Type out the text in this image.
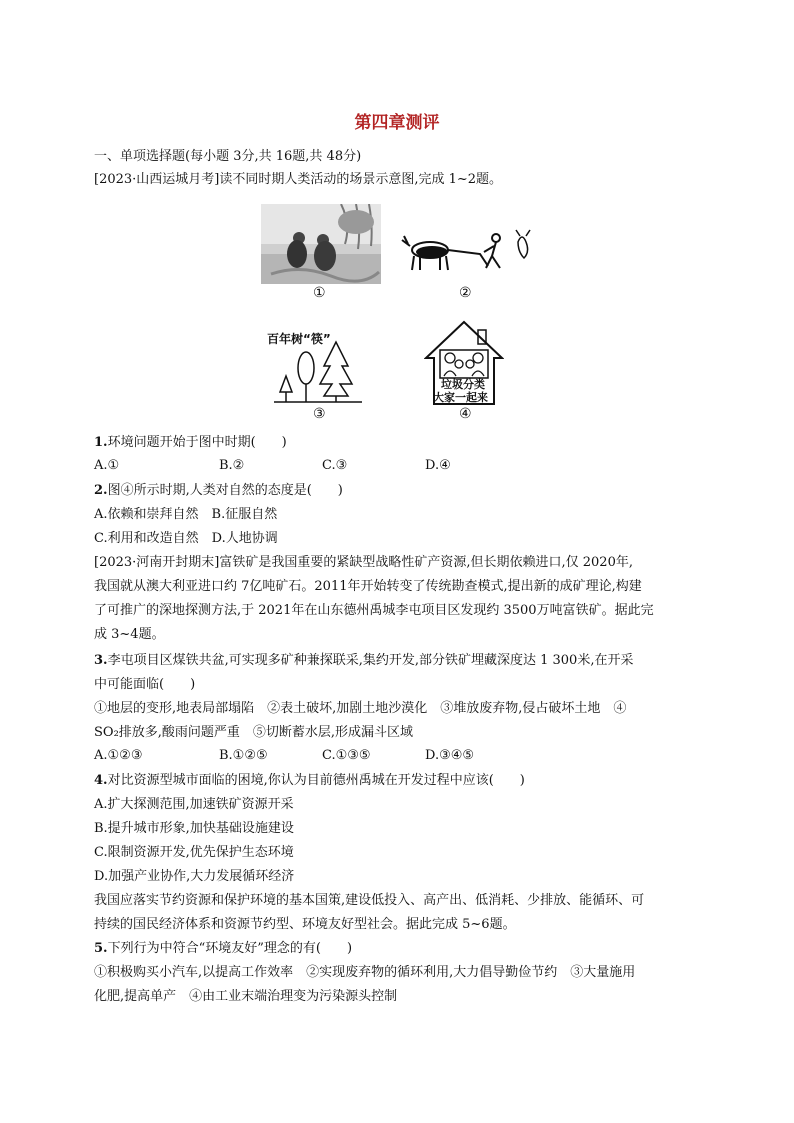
第四章测评
一、单项选择题(每小题 3分,共 16题,共 48分)
[2023·山西运城月考]读不同时期人类活动的场景示意图,完成 1~2题。
①	②
百年树“筷”
③
垃圾分类
大家一起来
④
1.环境问题开始于图中时期(　　)
A.①	B.②	C.③	D.④
2.图④所示时期,人类对自然的态度是(　　)
A.依赖和崇拜自然　B.征服自然
C.利用和改造自然　D.人地协调
[2023·河南开封期末]富铁矿是我国重要的紧缺型战略性矿产资源,但长期依赖进口,仅 2020年,
我国就从澳大利亚进口约 7亿吨矿石。2011年开始转变了传统勘查模式,提出新的成矿理论,构建
了可推广的深地探测方法,于 2021年在山东德州禹城李屯项目区发现约 3500万吨富铁矿。据此完
成 3~4题。
3.李屯项目区煤铁共盆,可实现多矿种兼探联采,集约开发,部分铁矿埋藏深度达 1 300米,在开采
中可能面临(　　)
①地层的变形,地表局部塌陷　②表土破坏,加剧土地沙漠化　③堆放废弃物,侵占破坏土地　④
SO₂排放多,酸雨问题严重　⑤切断蓄水层,形成漏斗区域
A.①②③	B.①②⑤	C.①③⑤	D.③④⑤
4.对比资源型城市面临的困境,你认为目前德州禹城在开发过程中应该(　　)
A.扩大探测范围,加速铁矿资源开采
B.提升城市形象,加快基础设施建设
C.限制资源开发,优先保护生态环境
D.加强产业协作,大力发展循环经济
我国应落实节约资源和保护环境的基本国策,建设低投入、高产出、低消耗、少排放、能循环、可
持续的国民经济体系和资源节约型、环境友好型社会。据此完成 5~6题。
5.下列行为中符合“环境友好”理念的有(　　)
①积极购买小汽车,以提高工作效率　②实现废弃物的循环利用,大力倡导勤俭节约　③大量施用
化肥,提高单产　④由工业末端治理变为污染源头控制
